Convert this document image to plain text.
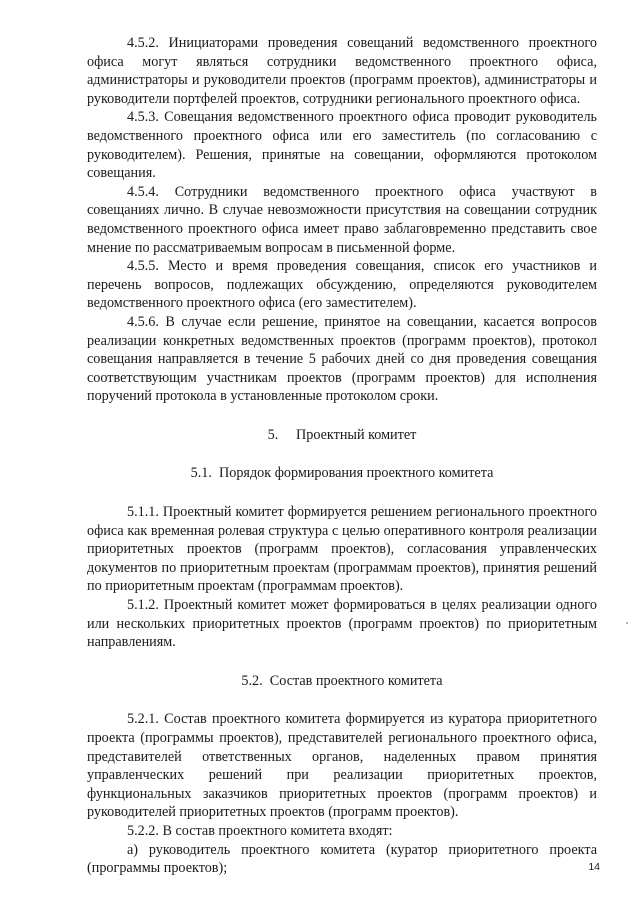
4.5.2. Инициаторами проведения совещаний ведомственного проектного офиса могут являться сотрудники ведомственного проектного офиса, администраторы и руководители проектов (программ проектов), администраторы и руководители портфелей проектов, сотрудники регионального проектного офиса.

4.5.3. Совещания ведомственного проектного офиса проводит руководитель ведомственного проектного офиса или его заместитель (по согласованию с руководителем). Решения, принятые на совещании, оформляются протоколом совещания.

4.5.4. Сотрудники ведомственного проектного офиса участвуют в совещаниях лично. В случае невозможности присутствия на совещании сотрудник ведомственного проектного офиса имеет право заблаговременно представить свое мнение по рассматриваемым вопросам в письменной форме.

4.5.5. Место и время проведения совещания, список его участников и перечень вопросов, подлежащих обсуждению, определяются руководителем ведомственного проектного офиса (его заместителем).

4.5.6. В случае если решение, принятое на совещании, касается вопросов реализации конкретных ведомственных проектов (программ проектов), протокол совещания направляется в течение 5 рабочих дней со дня проведения совещания соответствующим участникам проектов (программ проектов) для исполнения поручений протокола в установленные протоколом сроки.

5.     Проектный комитет

5.1.  Порядок формирования проектного комитета

5.1.1. Проектный комитет формируется решением регионального проектного офиса как временная ролевая структура с целью оперативного контроля реализации приоритетных проектов (программ проектов), согласования управленческих документов по приоритетным проектам (программам проектов), принятия решений по приоритетным проектам (программам проектов).

5.1.2. Проектный комитет может формироваться в целях реализации одного или нескольких приоритетных проектов (программ проектов) по приоритетным направлениям.

5.2.  Состав проектного комитета

5.2.1. Состав проектного комитета формируется из куратора приоритетного проекта (программы проектов), представителей регионального проектного офиса, представителей ответственных органов, наделенных правом принятия управленческих решений при реализации приоритетных проектов, функциональных заказчиков приоритетных проектов (программ проектов) и руководителей приоритетных проектов (программ проектов).

5.2.2. В состав проектного комитета входят:

а) руководитель проектного комитета (куратор приоритетного проекта (программы проектов);	14
